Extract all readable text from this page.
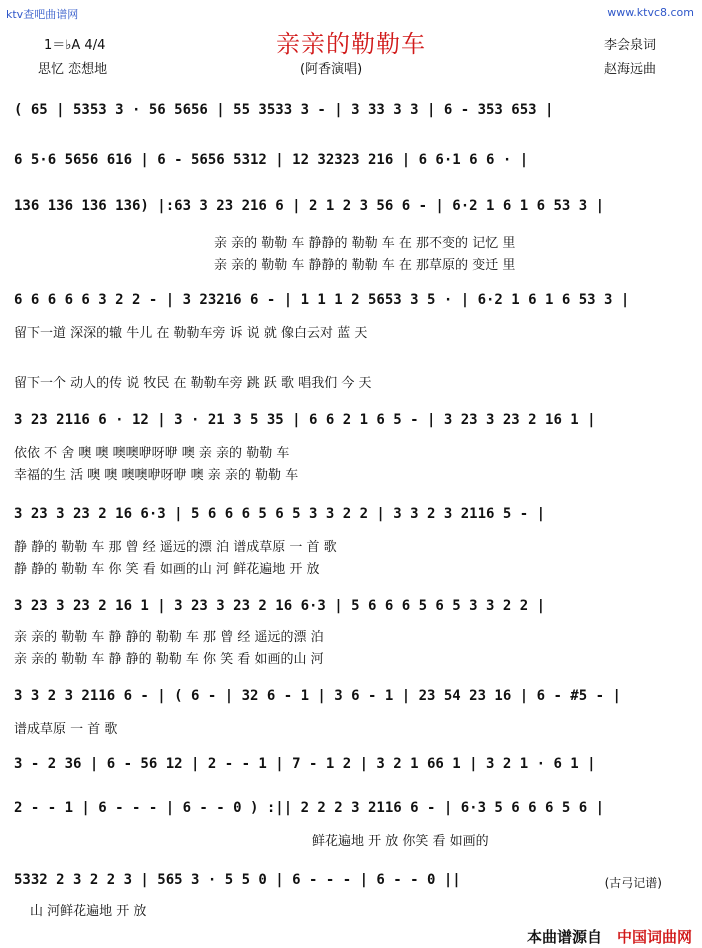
ktv查吧曲谱网	www.ktvc8.com
亲亲的勒勒车
1＝♭A 4/4
思忆 恋想地	(阿香演唱)
李会泉词
赵海远曲
( 65 | 5353 3 · 56 5656 | 55 3533 3 - | 3 33 3 3 | 6 - 353 653 |
6 5·6 5656 616 | 6 - 5656 5312 | 12 32323 216 | 6 6·1 6 6 · |
136 136 136 136) |:63 3 23 216 6 | 2 1 2 3 56 6 - | 6·2 1 6 1 6 53 3 |
亲 亲的 勒勒 车 静静的 勒勒 车 在 那不变的 记忆 里
亲 亲的 勒勒 车 静静的 勒勒 车 在 那草原的 变迁 里
6 6 6 6 6 3 2 2 - | 3 23216 6 - | 1 1 1 2 5653 3 5 · | 6·2 1 6 1 6 53 3 |
留下一道 深深的辙 牛儿 在 勒勒车旁 诉 说 就 像白云对 蓝 天
留下一个 动人的传 说 牧民 在 勒勒车旁 跳 跃 歌 唱我们 今 天
3 23 2116 6 · 12 | 3 · 21 3 5 35 | 6 6 2 1 6 5 - | 3 23 3 23 2 16 1 |
依依 不 舍 噢 噢 噢噢咿呀咿 噢 亲 亲的 勒勒 车
幸福的生 活 噢 噢 噢噢咿呀咿 噢 亲 亲的 勒勒 车
3 23 3 23 2 16 6·3 | 5 6 6 6 5 6 5 3 3 2 2 | 3 3 2 3 2116 5 - |
静 静的 勒勒 车 那 曾 经 遥远的漂 泊 谱成草原 一 首 歌
静 静的 勒勒 车 你 笑 看 如画的山 河 鲜花遍地 开 放
3 23 3 23 2 16 1 | 3 23 3 23 2 16 6·3 | 5 6 6 6 5 6 5 3 3 2 2 |
亲 亲的 勒勒 车 静 静的 勒勒 车 那 曾 经 遥远的漂 泊
亲 亲的 勒勒 车 静 静的 勒勒 车 你 笑 看 如画的山 河
3 3 2 3 2116 6 - | ( 6 - | 32 6 - 1 | 3 6 - 1 | 23 54 23 16 | 6 - #5 - |
谱成草原 一 首 歌
3 - 2 36 | 6 - 56 12 | 2 - - 1 | 7 - 1 2 | 3 2 1 66 1 | 3 2 1 · 6 1 |
2 - - 1 | 6 - - - | 6 - - 0 ) :|| 2 2 2 3 2116 6 - | 6·3 5 6 6 6 5 6 |
鲜花遍地 开 放 你笑 看 如画的
5332 2 3 2 2 3 | 565 3 · 5 5 0 | 6 - - - | 6 - - 0 ||
山 河鲜花遍地 开 放
(古弓记谱)
本曲谱源自 中国词曲网
